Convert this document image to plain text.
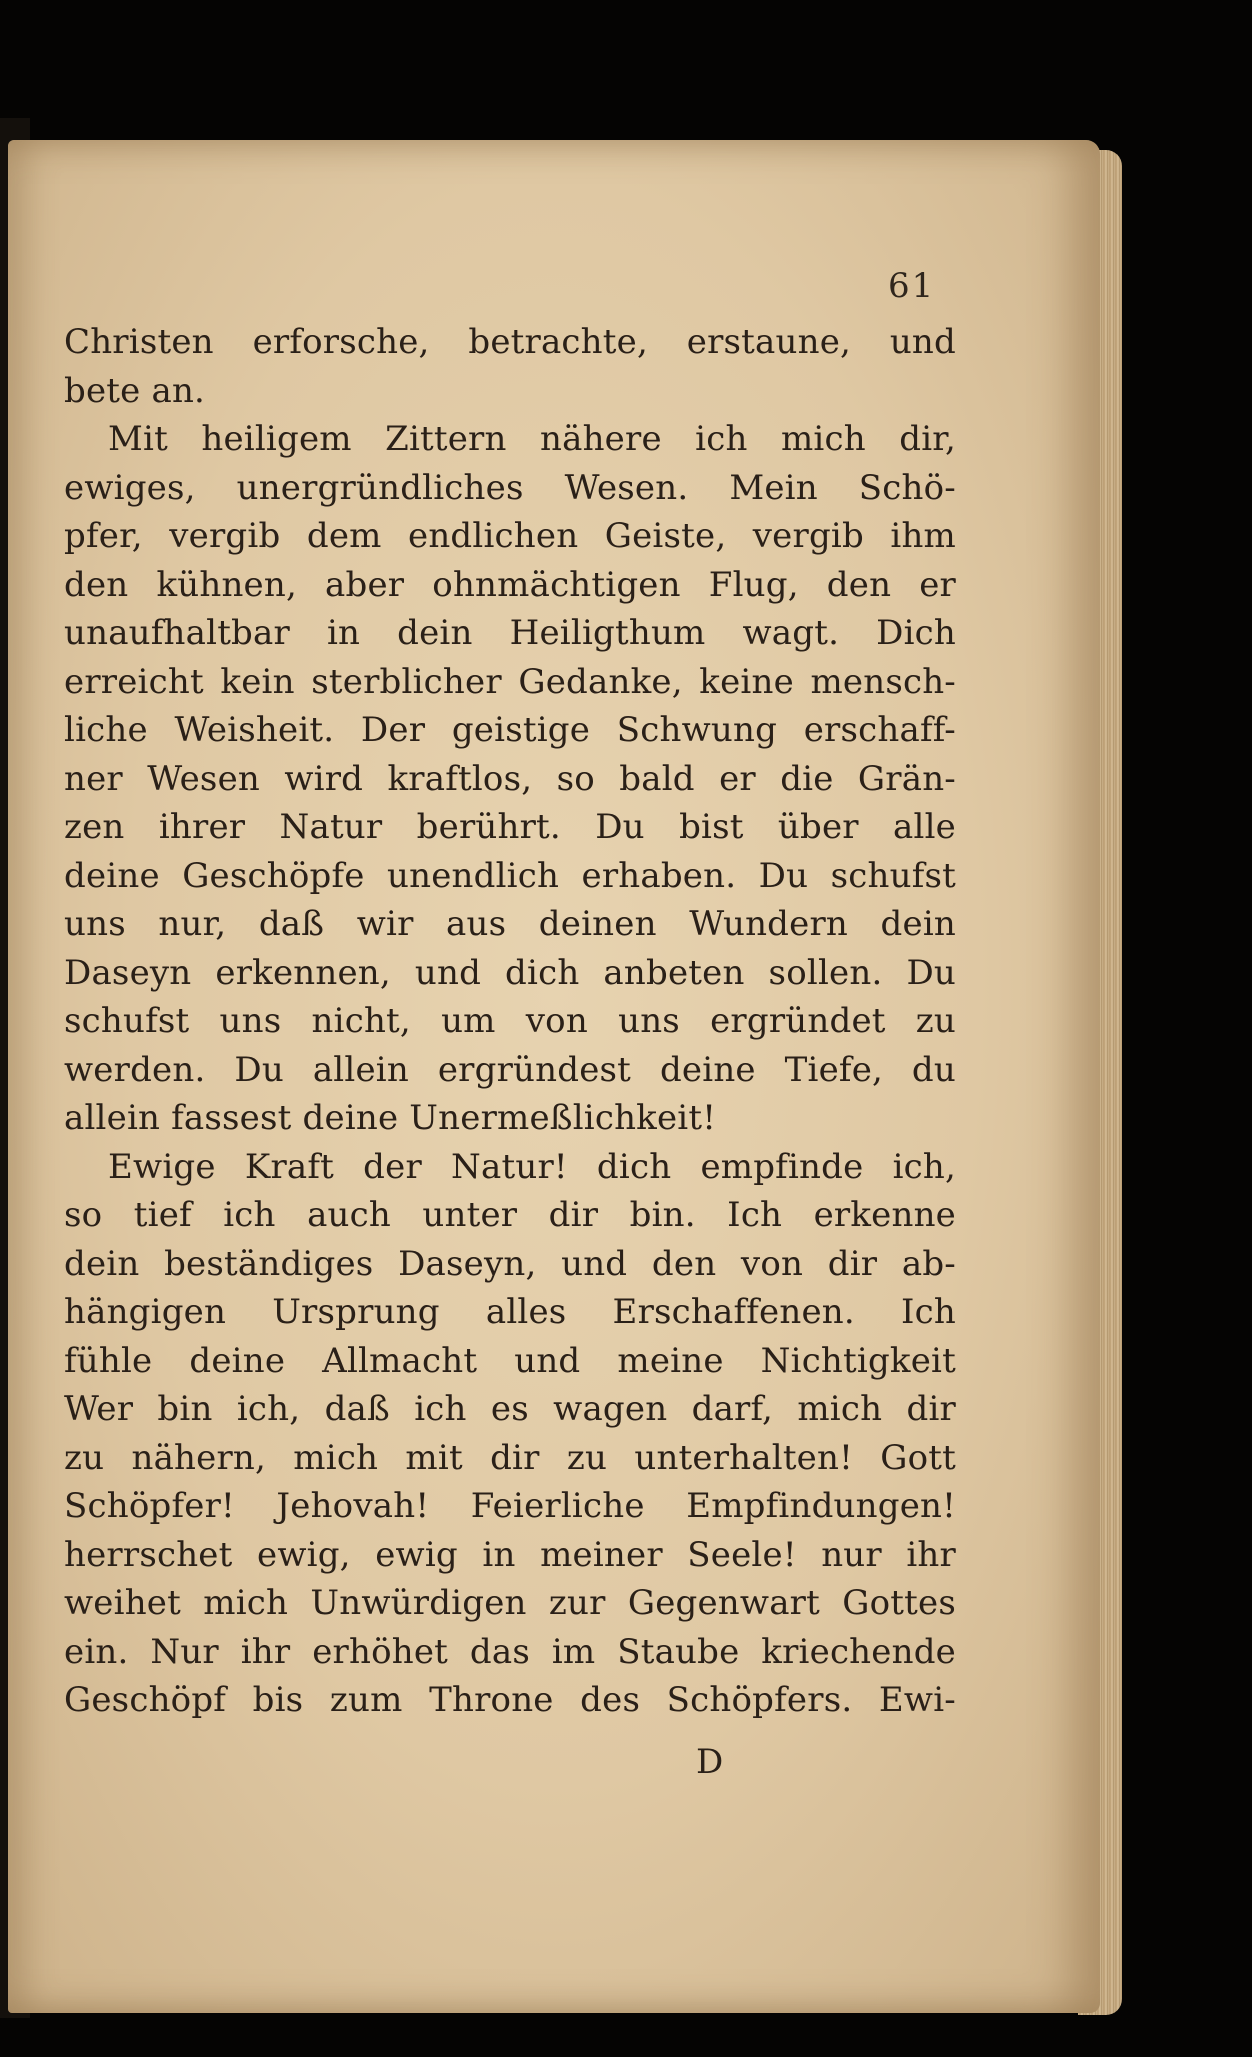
61
Christen erforsche, betrachte, erstaune, und
bete an.
Mit heiligem Zittern nähere ich mich dir,
ewiges, unergründliches Wesen. Mein Schö-
pfer, vergib dem endlichen Geiste, vergib ihm
den kühnen, aber ohnmächtigen Flug, den er
unaufhaltbar in dein Heiligthum wagt. Dich
erreicht kein sterblicher Gedanke, keine mensch-
liche Weisheit. Der geistige Schwung erschaff-
ner Wesen wird kraftlos, so bald er die Grän-
zen ihrer Natur berührt. Du bist über alle
deine Geschöpfe unendlich erhaben. Du schufst
uns nur, daß wir aus deinen Wundern dein
Daseyn erkennen, und dich anbeten sollen. Du
schufst uns nicht, um von uns ergründet zu
werden. Du allein ergründest deine Tiefe, du
allein fassest deine Unermeßlichkeit!
Ewige Kraft der Natur! dich empfinde ich,
so tief ich auch unter dir bin. Ich erkenne
dein beständiges Daseyn, und den von dir ab-
hängigen Ursprung alles Erschaffenen. Ich
fühle deine Allmacht und meine Nichtigkeit
Wer bin ich, daß ich es wagen darf, mich dir
zu nähern, mich mit dir zu unterhalten! Gott
Schöpfer! Jehovah! Feierliche Empfindungen!
herrschet ewig, ewig in meiner Seele! nur ihr
weihet mich Unwürdigen zur Gegenwart Gottes
ein. Nur ihr erhöhet das im Staube kriechende
Geschöpf bis zum Throne des Schöpfers. Ewi-
D
